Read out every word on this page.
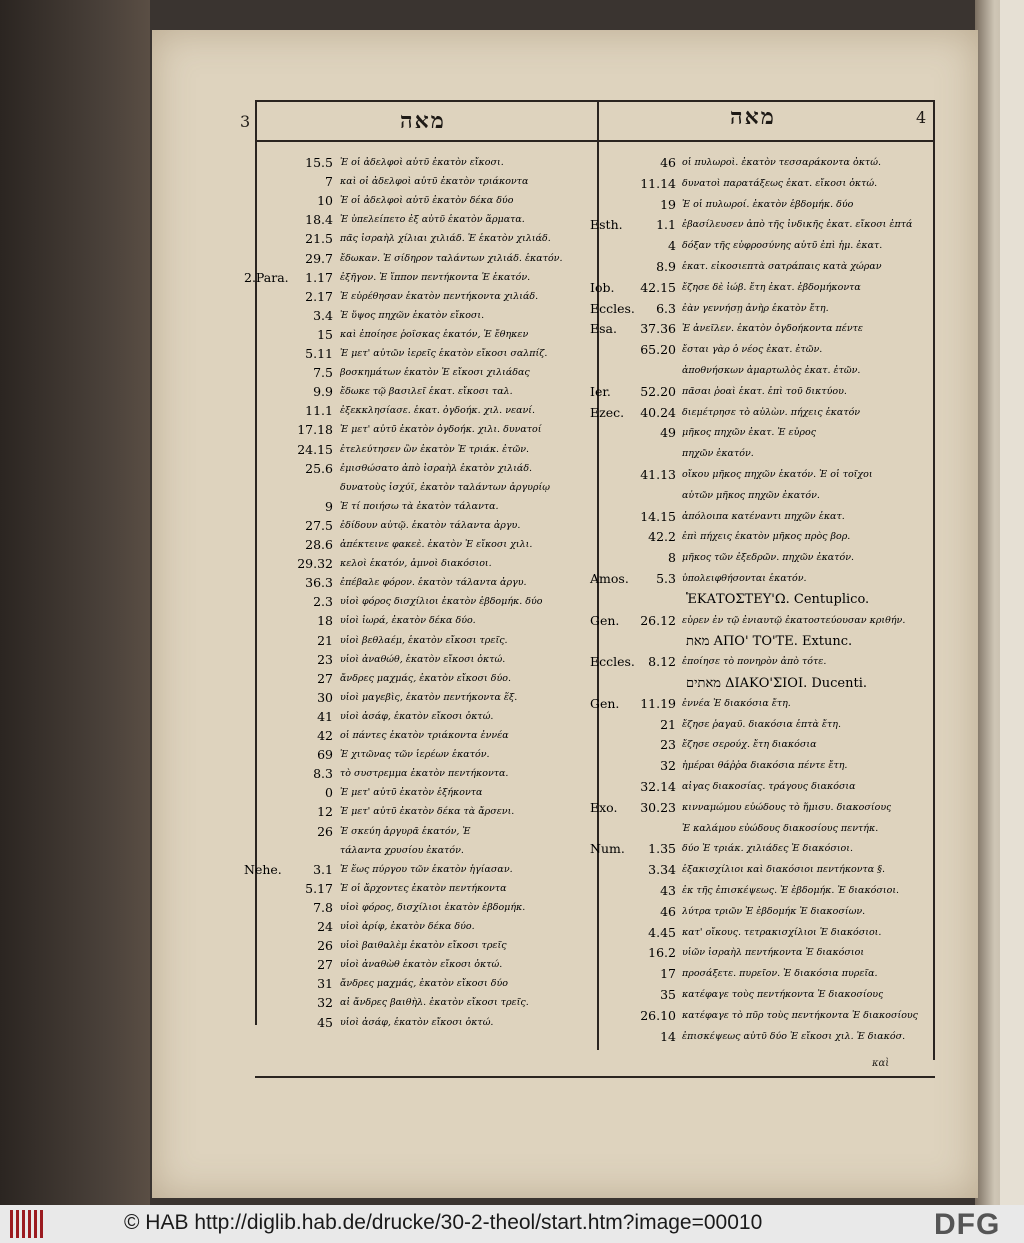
3	4
מאה	מאה
15.5 Ἐ οἱ ἀδελφοὶ αὐτῦ ἑκατὸν εἴκοσι.
7 καὶ οἱ ἀδελφοὶ αὐτῦ ἑκατὸν τριάκοντα
10 Ἐ οἱ ἀδελφοὶ αὐτῦ ἑκατὸν δέκα δύο
18.4 Ἐ ὑπελείπετο ἐξ αὐτῦ ἑκατὸν ἅρματα.
21.5 πᾶς ἰσραὴλ χίλιαι χιλιάδ. Ἐ ἑκατὸν χιλιάδ.
29.7 ἔδωκαν. Ἐ σίδηρον ταλάντων χιλιάδ. ἑκατόν.
2.Para.	1.17 ἐξῆγον. Ἐ ἵππον πεντήκοντα Ἐ ἑκατόν.
2.17 Ἐ εὑρέθησαν ἑκατὸν πεντήκοντα χιλιάδ.
3.4 Ἐ ὕψος πηχῶν ἑκατὸν εἴκοσι.
15 καὶ ἐποίησε ῥοΐσκας ἑκατόν, Ἐ ἔθηκεν
5.11 Ἐ μετ' αὐτῶν ἱερεῖς ἑκατὸν εἴκοσι σαλπίζ.
7.5 βοσκημάτων ἑκατὸν Ἐ εἴκοσι χιλιάδας
9.9 ἔδωκε τῷ βασιλεῖ ἑκατ. εἴκοσι ταλ.
11.1 ἐξεκκλησίασε. ἑκατ. ὀγδοήκ. χιλ. νεανί.
17.18 Ἐ μετ' αὐτῦ ἑκατὸν ὀγδοήκ. χιλι. δυνατοί
24.15 ἐτελεύτησεν ὢν ἑκατὸν Ἐ τριάκ. ἐτῶν.
25.6 ἐμισθώσατο ἀπὸ ἰσραὴλ ἑκατὸν χιλιάδ.
δυνατοὺς ἰσχύϊ, ἑκατὸν ταλάντων ἀργυρίῳ
9 Ἐ τί ποιήσω τὰ ἑκατὸν τάλαντα.
27.5 ἐδίδουν αὐτῷ. ἑκατὸν τάλαντα ἀργυ.
28.6 ἀπέκτεινε φακεὲ. ἑκατὸν Ἐ εἴκοσι χιλι.
29.32 κελοὶ ἑκατόν, ἀμνοὶ διακόσιοι.
36.3 ἐπέβαλε φόρον. ἑκατὸν τάλαντα ἀργυ.
2.3 υἱοὶ φόρος δισχίλιοι ἑκατὸν ἑβδομήκ. δύο
18 υἱοὶ ἰωρά, ἑκατὸν δέκα δύο.
21 υἱοὶ βεθλαέμ, ἑκατὸν εἴκοσι τρεῖς.
23 υἱοὶ ἀναθώθ, ἑκατὸν εἴκοσι ὀκτώ.
27 ἄνδρες μαχμάς, ἑκατὸν εἴκοσι δύο.
30 υἱοὶ μαγεβὶς, ἑκατὸν πεντήκοντα ἕξ.
41 υἱοὶ ἀσάφ, ἑκατὸν εἴκοσι ὀκτώ.
42 οἱ πάντες ἑκατὸν τριάκοντα ἐννέα
69 Ἐ χιτῶνας τῶν ἱερέων ἑκατόν.
8.3 τὸ συστρεμμα ἑκατὸν πεντήκοντα.
0 Ἐ μετ' αὐτῦ ἑκατὸν ἑξήκοντα
12 Ἐ μετ' αὐτῦ ἑκατὸν δέκα τὰ ἄρσενι.
26 Ἐ σκεύη ἀργυρᾶ ἑκατόν, Ἐ
τάλαντα χρυσίου ἑκατόν.
Nehe.	3.1 Ἐ ἕως πύργου τῶν ἑκατὸν ἡγίασαν.
5.17 Ἐ οἱ ἄρχοντες ἑκατὸν πεντήκοντα
7.8 υἱοὶ φόρος, δισχίλιοι ἑκατὸν ἑβδομήκ.
24 υἱοὶ ἀρίφ, ἑκατὸν δέκα δύο.
26 υἱοὶ βαιθαλὲμ ἑκατὸν εἴκοσι τρεῖς
27 υἱοὶ ἀναθὼθ ἑκατὸν εἴκοσι ὀκτώ.
31 ἄνδρες μαχμάς, ἑκατὸν εἴκοσι δύο
32 αἱ ἄνδρες βαιθὴλ. ἑκατὸν εἴκοσι τρεῖς.
45 υἱοὶ ἀσάφ, ἑκατὸν εἴκοσι ὀκτώ.
46 οἱ πυλωροὶ. ἑκατὸν τεσσαράκοντα ὀκτώ.
11.14 δυνατοὶ παρατάξεως ἑκατ. εἴκοσι ὀκτώ.
19 Ἐ οἱ πυλωροί. ἑκατὸν ἑβδομήκ. δύο
Esth.	1.1 ἐβασίλευσεν ἀπὸ τῆς ἰνδικῆς ἑκατ. εἴκοσι ἑπτά
4 δόξαν τῆς εὐφροσύνης αὐτῦ ἐπὶ ἡμ. ἑκατ.
8.9 ἑκατ. εἰκοσιεπτὰ σατράπαις κατὰ χώραν
Iob.	42.15 ἔζησε δὲ ἰώβ. ἔτη ἑκατ. ἑβδομήκοντα
Eccles.	6.3 ἐὰν γεννήσῃ ἀνὴρ ἑκατὸν ἔτη.
Esa.	37.36 Ἐ ἀνεῖλεν. ἑκατὸν ὀγδοήκοντα πέντε
65.20 ἔσται γὰρ ὁ νέος ἑκατ. ἐτῶν.
ἀποθνήσκων ἁμαρτωλὸς ἑκατ. ἐτῶν.
Ier.	52.20 πᾶσαι ῥοαὶ ἑκατ. ἐπὶ τοῦ δικτύου.
Ezec.	40.24 διεμέτρησε τὸ αὐλὼν. πήχεις ἑκατόν
49 μῆκος πηχῶν ἑκατ. Ἐ εὖρος
πηχῶν ἑκατόν.
41.13 οἴκου μῆκος πηχῶν ἑκατόν. Ἐ οἱ τοῖχοι
αὐτῶν μῆκος πηχῶν ἑκατόν.
14.15 ἀπόλοιπα κατέναντι πηχῶν ἑκατ.
42.2 ἐπὶ πήχεις ἑκατὸν μῆκος πρὸς βορ.
8 μῆκος τῶν ἐξεδρῶν. πηχῶν ἑκατόν.
Amos.	5.3 ὑπολειφθήσονται ἑκατόν.
ἙΚΑΤΟΣΤΕΥ'Ω. Centuplico.
Gen.	26.12 εὗρεν ἐν τῷ ἐνιαυτῷ ἑκατοστεύουσαν κριθήν.
מאת ΑΠΟ' ΤΟ'ΤΕ. Extunc.
Eccles.	8.12 ἐποίησε τὸ πονηρὸν ἀπὸ τότε.
מאתים ΔΙΑΚΟ'ΣΙΟΙ. Ducenti.
Gen.	11.19 ἐννέα Ἐ διακόσια ἔτη.
21 ἔζησε ῥαγαῦ. διακόσια ἑπτὰ ἔτη.
23 ἔζησε σερούχ. ἔτη διακόσια
32 ἡμέραι θάῤῥα διακόσια πέντε ἔτη.
32.14 αἶγας διακοσίας. τράγους διακόσια
Exo.	30.23 κινναμώμου εὐώδους τὸ ἥμισυ. διακοσίους
Ἐ καλάμου εὐώδους διακοσίους πεντήκ.
Num.	1.35 δύο Ἐ τριάκ. χιλιάδες Ἐ διακόσιοι.
3.34 ἑξακισχίλιοι καὶ διακόσιοι πεντήκοντα §.
43 ἐκ τῆς ἐπισκέψεως. Ἐ ἑβδομήκ. Ἐ διακόσιοι.
46 λύτρα τριῶν Ἐ ἑβδομήκ Ἐ διακοσίων.
4.45 κατ' οἴκους. τετρακισχίλιοι Ἐ διακόσιοι.
16.2 υἱῶν ἰσραὴλ πεντήκοντα Ἐ διακόσιοι
17 προσάξετε. πυρεῖον. Ἐ διακόσια πυρεῖα.
35 κατέφαγε τοὺς πεντήκοντα Ἐ διακοσίους
26.10 κατέφαγε τὸ πῦρ τοὺς πεντήκοντα Ἐ διακοσίους
14 ἐπισκέψεως αὐτῦ δύο Ἐ εἴκοσι χιλ. Ἐ διακόσ.
καὶ
© HAB http://diglib.hab.de/drucke/30-2-theol/start.htm?image=00010	DFG
